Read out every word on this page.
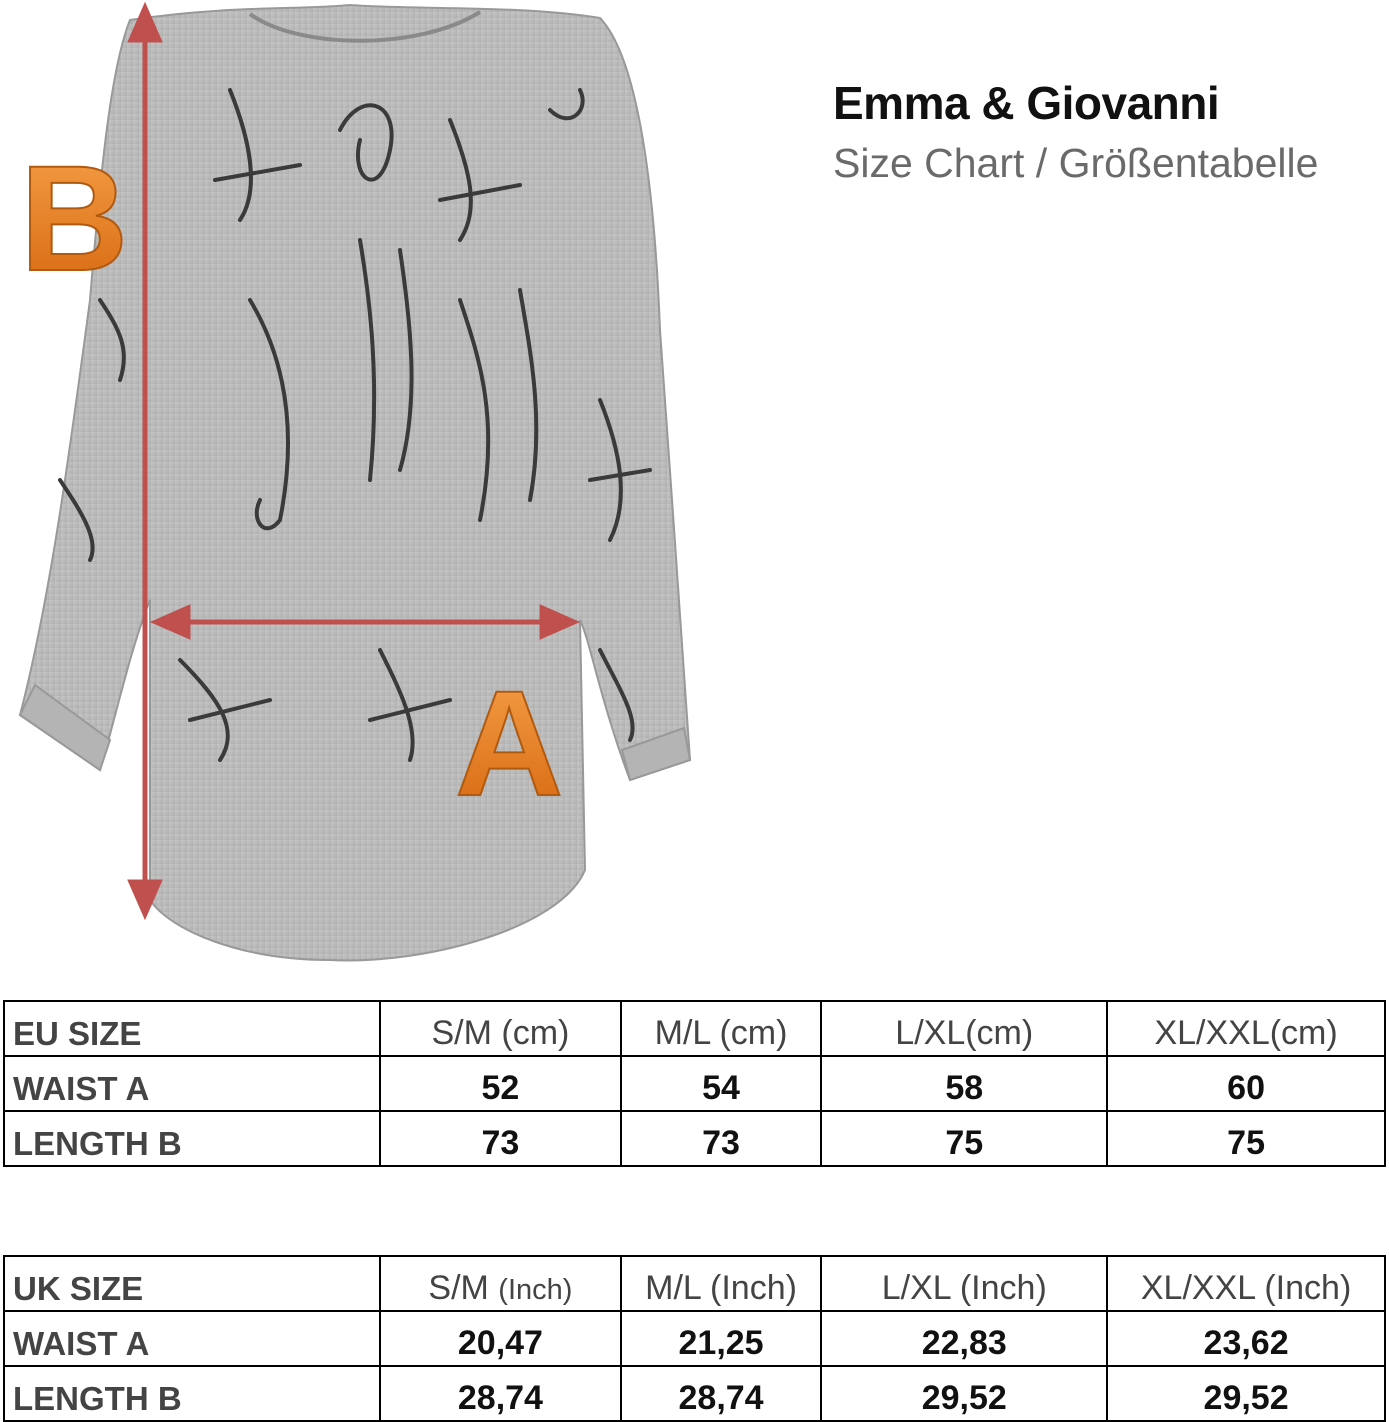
B
A
Emma & Giovanni
Size Chart / Größentabelle
EU SIZE	S/M (cm)	M/L (cm)	L/XL(cm)	XL/XXL(cm)
WAIST A	52	54	58	60
LENGTH B	73	73	75	75
UK SIZE	S/M (Inch)	M/L (Inch)	L/XL (Inch)	XL/XXL (Inch)
WAIST A	20,47	21,25	22,83	23,62
LENGTH B	28,74	28,74	29,52	29,52
